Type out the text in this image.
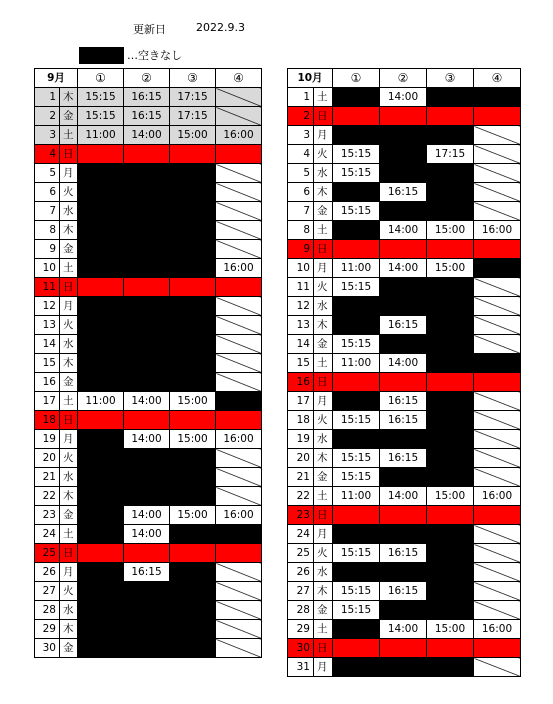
更新日	2022.9.3
…空きなし
9月		①	②	③	④
1	木	15:15	16:15	17:15	
2	金	15:15	16:15	17:15	
3	土	11:00	14:00	15:00	16:00
4	日				
5	月				
6	火				
7	水				
8	木				
9	金				
10	土				16:00
11	日				
12	月				
13	火				
14	水				
15	木				
16	金				
17	土	11:00	14:00	15:00	
18	日				
19	月		14:00	15:00	16:00
20	火				
21	水				
22	木				
23	金		14:00	15:00	16:00
24	土		14:00		
25	日				
26	月		16:15		
27	火				
28	水				
29	木				
30	金				
10月		①	②	③	④
1	土		14:00		
2	日				
3	月				
4	火	15:15		17:15	
5	水	15:15			
6	木		16:15		
7	金	15:15			
8	土		14:00	15:00	16:00
9	日				
10	月	11:00	14:00	15:00	
11	火	15:15			
12	水				
13	木		16:15		
14	金	15:15			
15	土	11:00	14:00		
16	日				
17	月		16:15		
18	火	15:15	16:15		
19	水				
20	木	15:15	16:15		
21	金	15:15			
22	土	11:00	14:00	15:00	16:00
23	日				
24	月				
25	火	15:15	16:15		
26	水				
27	木	15:15	16:15		
28	金	15:15			
29	土		14:00	15:00	16:00
30	日				
31	月				
